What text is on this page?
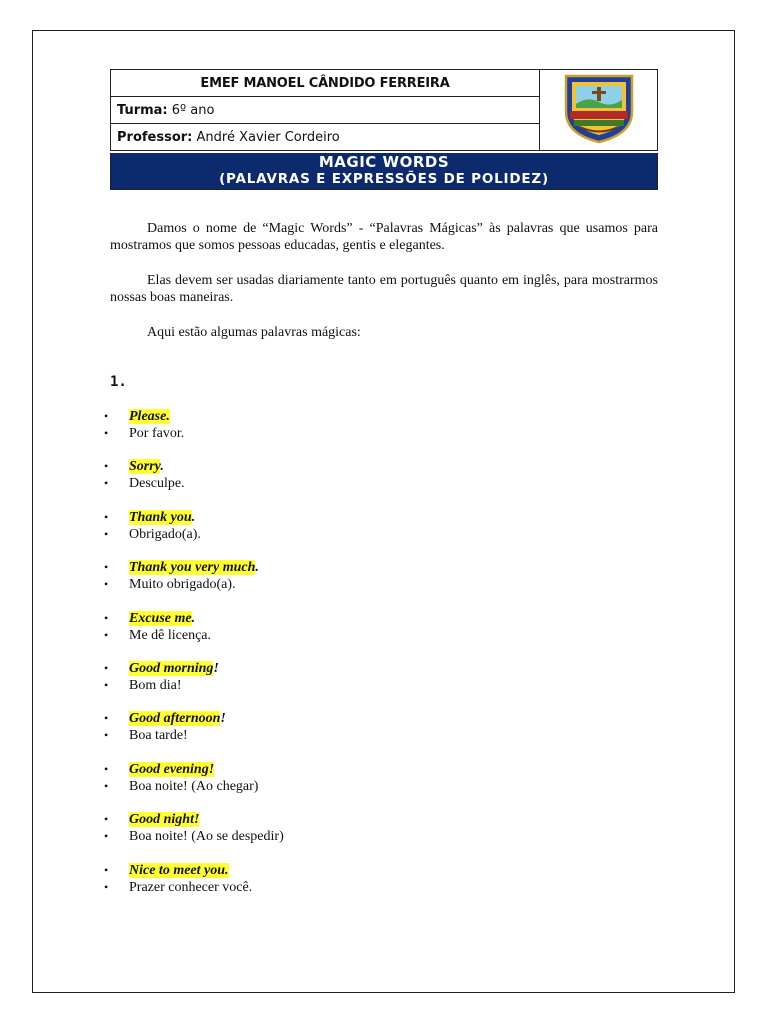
EMEF MANOEL CÂNDIDO FERREIRA	
Turma: 6º ano
Professor: André Xavier Cordeiro
MAGIC WORDS
(PALAVRAS E EXPRESSÕES DE POLIDEZ)
Damos o nome de “Magic Words” - “Palavras Mágicas” às palavras que usamos para mostramos que somos pessoas educadas, gentis e elegantes.
Elas devem ser usadas diariamente tanto em português quanto em inglês, para mostrarmos nossas boas maneiras.
Aqui estão algumas palavras mágicas:
1.
• Please.
• Por favor.
• Sorry.
• Desculpe.
• Thank you.
• Obrigado(a).
• Thank you very much.
• Muito obrigado(a).
• Excuse me.
• Me dê licença.
• Good morning!
• Bom dia!
• Good afternoon!
• Boa tarde!
• Good evening!
• Boa noite! (Ao chegar)
• Good night!
• Boa noite! (Ao se despedir)
• Nice to meet you.
• Prazer conhecer você.
